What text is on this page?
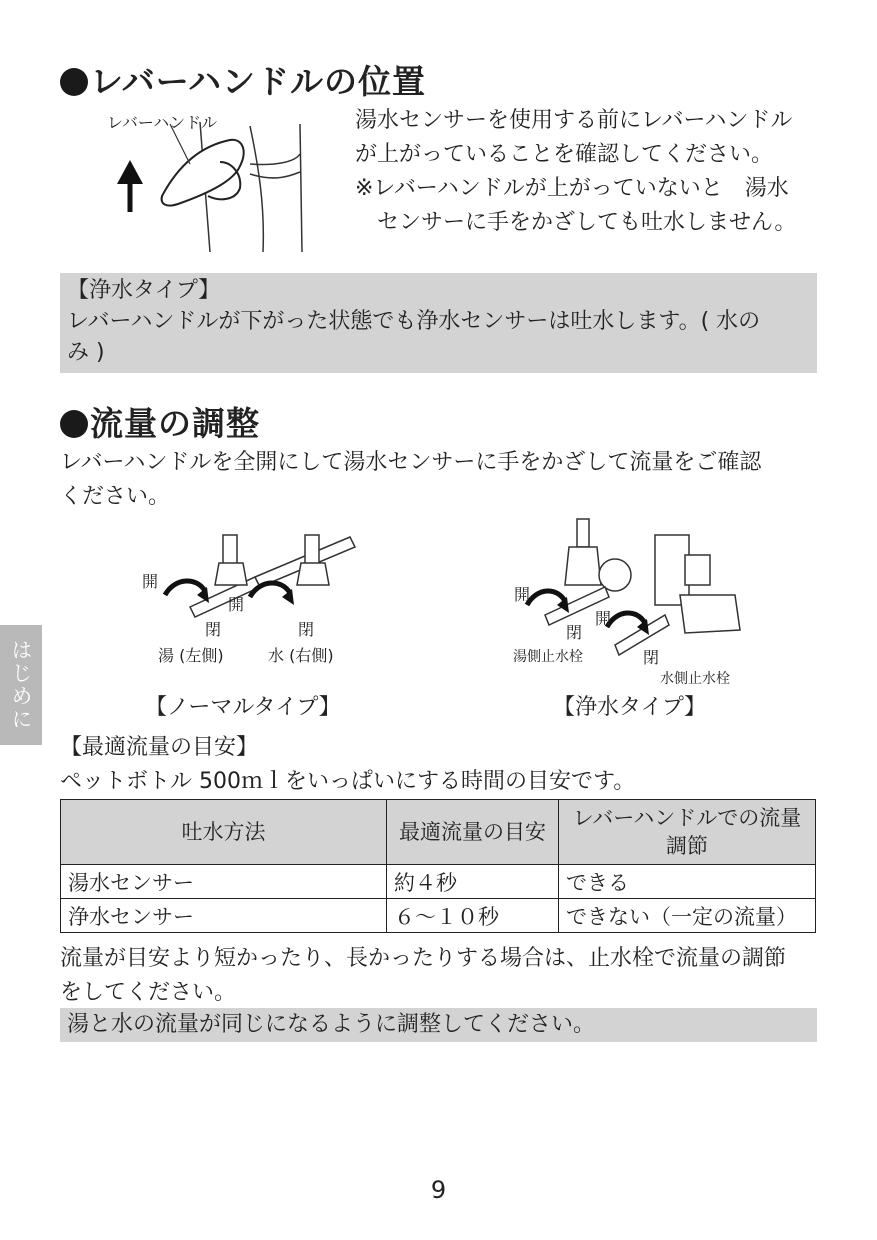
レバーハンドルの位置
レバーハンドル	湯水センサーを使用する前にレバーハンドル
が上がっていることを確認してください。
※レバーハンドルが上がっていないと　湯水
センサーに手をかざしても吐水しません。
【浄水タイプ】
レバーハンドルが下がった状態でも浄水センサーは吐水します。( 水の
み )
流量の調整
レバーハンドルを全開にして湯水センサーに手をかざして流量をご確認
ください。
開
閉
開
閉
湯 (左側)	水 (右側)
【ノーマルタイプ】
開
閉
湯側止水栓
開
閉
水側止水栓
【浄水タイプ】
【最適流量の目安】
ペットボトル 500ｍｌをいっぱいにする時間の目安です。
吐水方法	最適流量の目安	レバーハンドルでの流量調節
湯水センサー	約４秒	できる
浄水センサー	６～１０秒	できない（一定の流量）
流量が目安より短かったり、長かったりする場合は、止水栓で流量の調節
をしてください。
湯と水の流量が同じになるように調整してください。
はじめに
9
